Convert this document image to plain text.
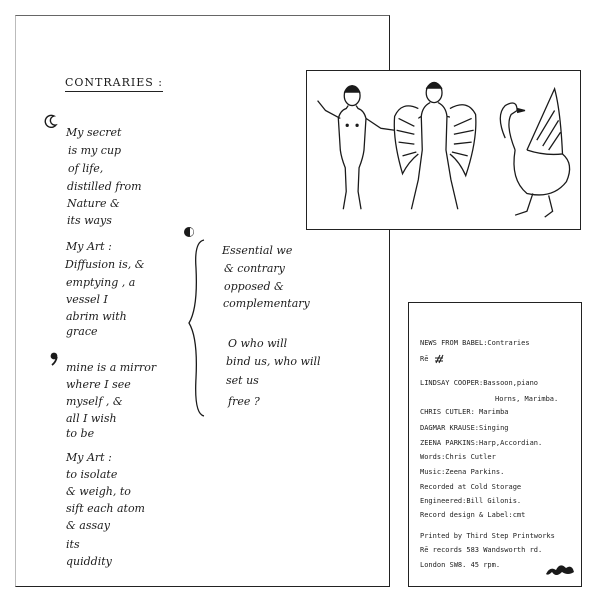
CONTRARIES :
My secret
is my cup
of life,
distilled from
Nature &
its ways
My Art :
Diffusion is, &
emptying , a
vessel I
abrim with
grace
mine is a mirror
where I see
myself , &
all I wish
to be
My Art :
to isolate
& weigh, to
sift each atom
& assay
its
quiddity
Essential we
& contrary
opposed &
complementary
O who will
bind us, who will
set us
free ?
NEWS FROM BABEL:Contraries
Rē
LINDSAY COOPER:Bassoon,piano
Horns, Marimba.
CHRIS CUTLER: Marimba
DAGMAR KRAUSE:Singing
ZEENA PARKINS:Harp,Accordian.
Words:Chris Cutler
Music:Zeena Parkins.
Recorded at Cold Storage
Engineered:Bill Gilonis.
Record design & Label:cmt
Printed by Third Step Printworks
Rē records 583 Wandsworth rd.
London SW8. 45 rpm.
